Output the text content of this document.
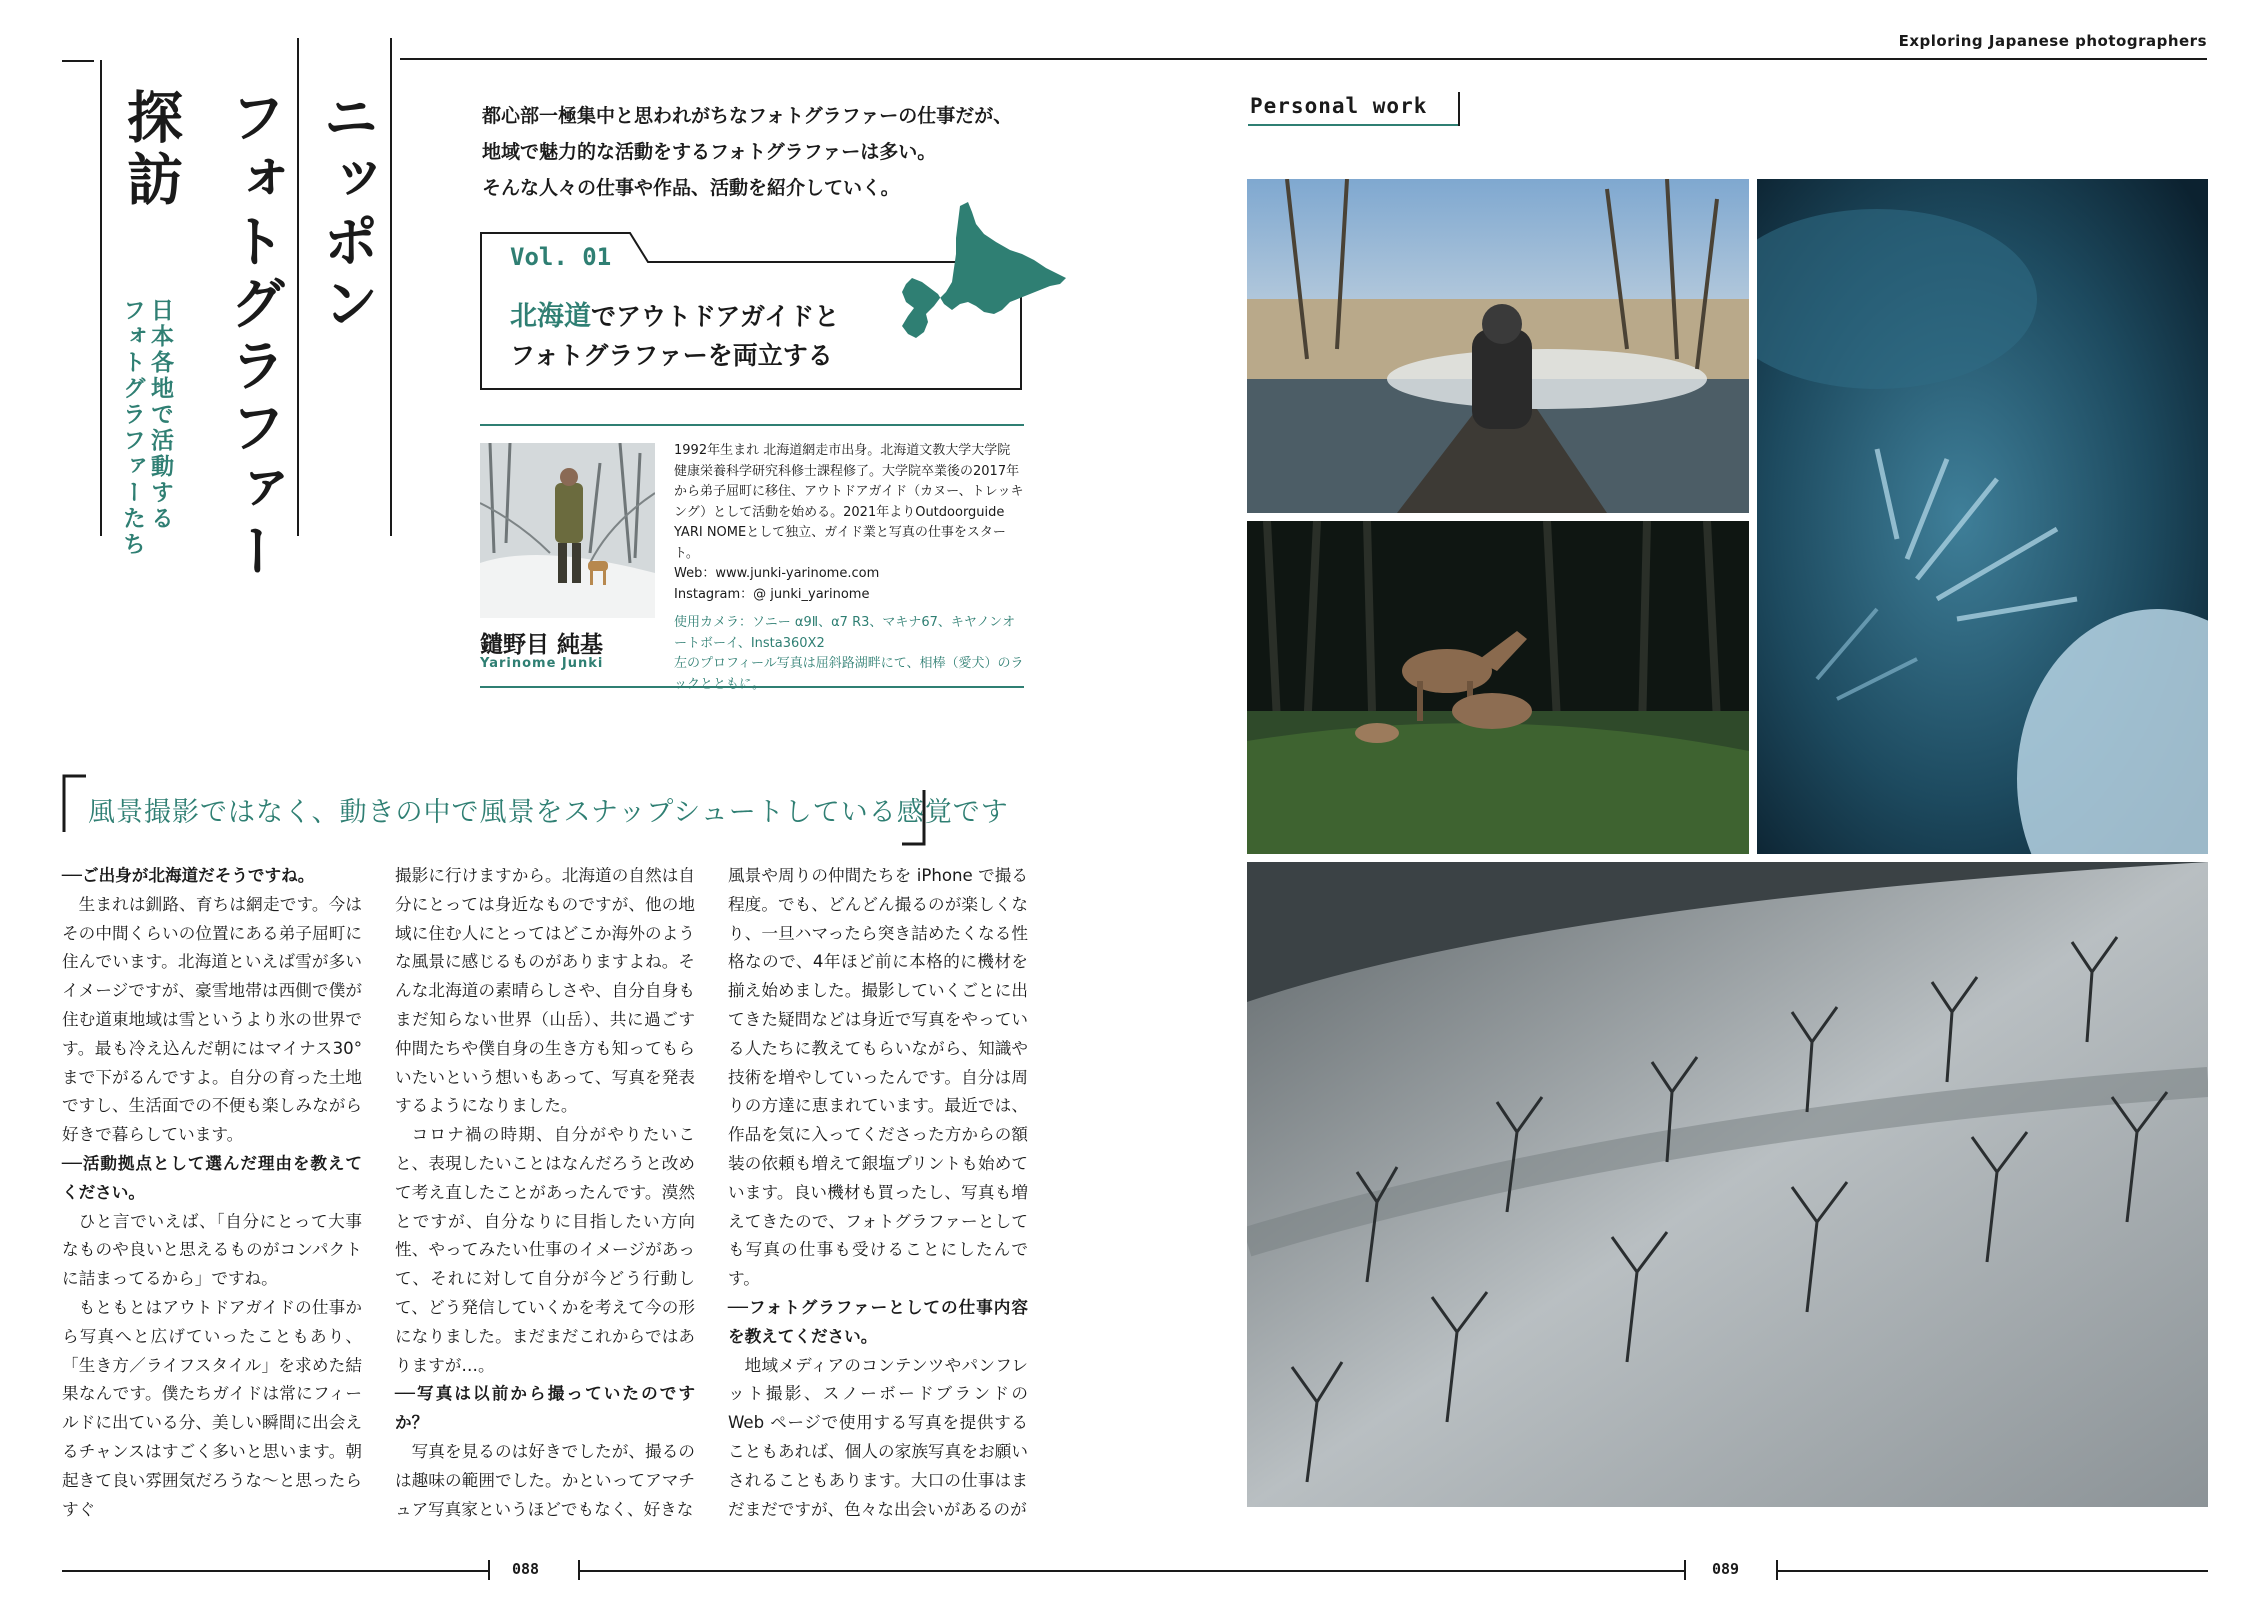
ニッポン
フォトグラファー
探訪
日本各地で活動する
フォトグラファーたち
都心部一極集中と思われがちなフォトグラファーの仕事だが、
地域で魅力的な活動をするフォトグラファーは多い。
そんな人々の仕事や作品、活動を紹介していく。
Vol. 01
北海道でアウトドアガイドと
フォトグラファーを両立する
鑓野目 純基
Yarinome Junki

1992年生まれ 北海道網走市出身。北海道文教大学大学院 健康栄養科学研究科修士課程修了。大学院卒業後の2017年から弟子屈町に移住、アウトドアガイド（カヌー、トレッキング）として活動を始める。2021年よりOutdoorguide YARI NOMEとして独立、ガイド業と写真の仕事をスタート。

Web：www.junki-yarinome.com

Instagram：@ junki_yarinome

使用カメラ：ソニー α9Ⅱ、α7 R3、マキナ67、キヤノンオートボーイ、Insta360X2

左のプロフィール写真は屈斜路湖畔にて、相棒（愛犬）のラックとともに。

風景撮影ではなく、動きの中で風景をスナップシュートしている感覚です

──ご出身が北海道だそうですね。

生まれは釧路、育ちは網走です。今はその中間くらいの位置にある弟子屈町に住んでいます。北海道といえば雪が多いイメージですが、豪雪地帯は西側で僕が住む道東地域は雪というより氷の世界です。最も冷え込んだ朝にはマイナス30°まで下がるんですよ。自分の育った土地ですし、生活面での不便も楽しみながら好きで暮らしています。

──活動拠点として選んだ理由を教えてください。

ひと言でいえば、「自分にとって大事なものや良いと思えるものがコンパクトに詰まってるから」ですね。

もともとはアウトドアガイドの仕事から写真へと広げていったこともあり、「生き方／ライフスタイル」を求めた結果なんです。僕たちガイドは常にフィールドに出ている分、美しい瞬間に出会えるチャンスはすごく多いと思います。朝起きて良い雰囲気だろうな〜と思ったらすぐ

撮影に行けますから。北海道の自然は自分にとっては身近なものですが、他の地域に住む人にとってはどこか海外のような風景に感じるものがありますよね。そんな北海道の素晴らしさや、自分自身もまだ知らない世界（山岳）、共に過ごす仲間たちや僕自身の生き方も知ってもらいたいという想いもあって、写真を発表するようになりました。

コロナ禍の時期、自分がやりたいこと、表現したいことはなんだろうと改めて考え直したことがあったんです。漠然とですが、自分なりに目指したい方向性、やってみたい仕事のイメージがあって、それに対して自分が今どう行動して、どう発信していくかを考えて今の形になりました。まだまだこれからではありますが…。

──写真は以前から撮っていたのですか？

写真を見るのは好きでしたが、撮るのは趣味の範囲でした。かといってアマチュア写真家というほどでもなく、好きな

風景や周りの仲間たちを iPhone で撮る程度。でも、どんどん撮るのが楽しくなり、一旦ハマったら突き詰めたくなる性格なので、4年ほど前に本格的に機材を揃え始めました。撮影していくごとに出てきた疑問などは身近で写真をやっている人たちに教えてもらいながら、知識や技術を増やしていったんです。自分は周りの方達に恵まれています。最近では、作品を気に入ってくださった方からの額装の依頼も増えて銀塩プリントも始めています。良い機材も買ったし、写真も増えてきたので、フォトグラファーとしても写真の仕事も受けることにしたんです。

──フォトグラファーとしての仕事内容を教えてください。

地域メディアのコンテンツやパンフレット撮影、スノーボードブランドの Web ページで使用する写真を提供することもあれば、個人の家族写真をお願いされることもあります。大口の仕事はまだまだですが、色々な出会いがあるのが

Exploring Japanese photographers
Personal work
088	089
